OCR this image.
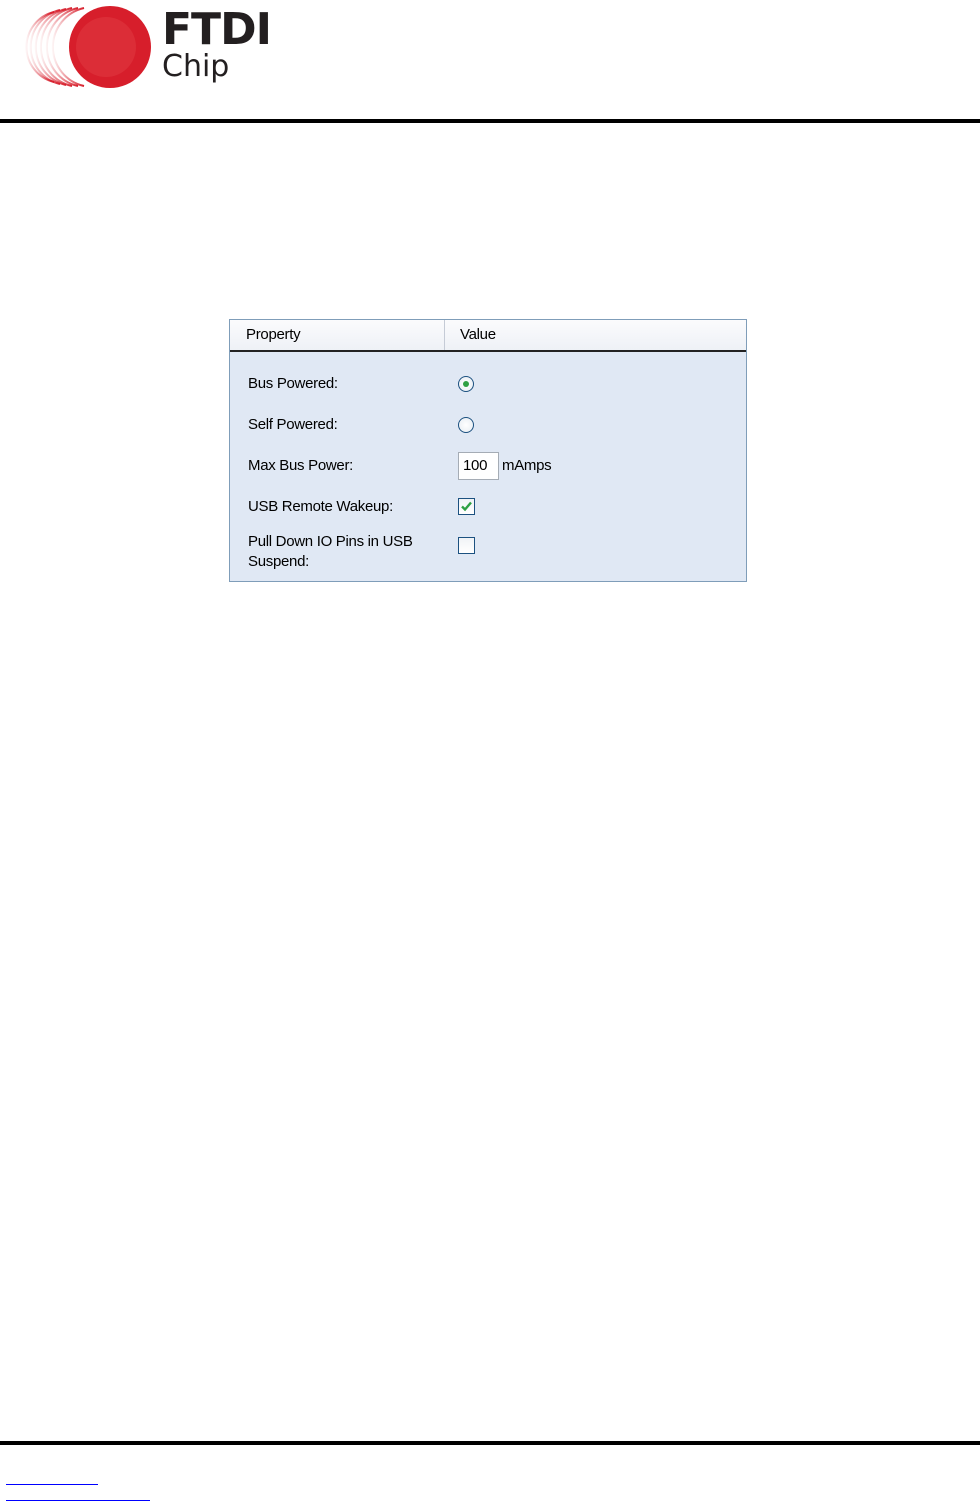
FTDI
Chip
Property	Value
Bus Powered:
Self Powered:
Max Bus Power:	100 mAmps
USB Remote Wakeup:
Pull Down IO Pins in USB
Suspend:
